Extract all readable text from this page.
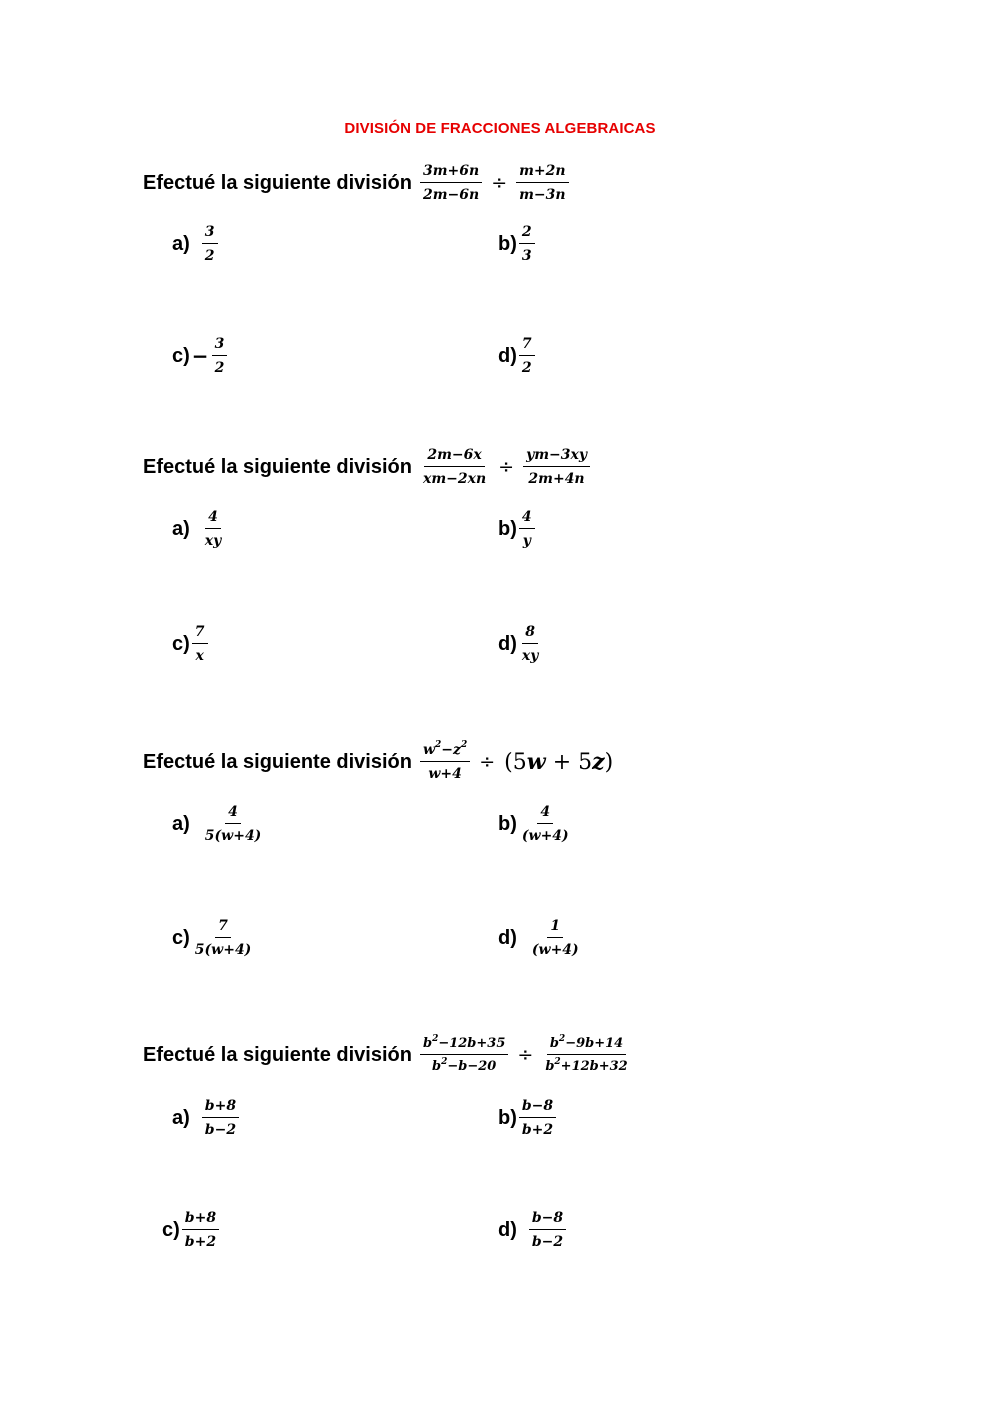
DIVISIÓN DE FRACCIONES ALGEBRAICAS
Efectué la siguiente división $\frac{3m+6n}{2m-6n} \div \frac{m+2n}{m-3n}$
$a) \frac{3}{2}$	$b) \frac{2}{3}$
$c) - \frac{3}{2}$	$d) \frac{7}{2}$
Efectué la siguiente división $\frac{2m-6x}{xm-2xn} \div \frac{ym-3xy}{2m+4n}$
$a) \frac{4}{xy}$	$b) \frac{4}{y}$
$c) \frac{7}{x}$	$d) \frac{8}{xy}$
Efectué la siguiente división $\frac{w^2-z^2}{w+4} \div (5w + 5z)$
$a) \frac{4}{5(w+4)}$	$b) \frac{4}{(w+4)}$
$c) \frac{7}{5(w+4)}$	$d) \frac{1}{(w+4)}$
Efectué la siguiente división $\frac{b^2-12b+35}{b^2-b-20} \div \frac{b^2-9b+14}{b^2+12b+32}$
$a) \frac{b+8}{b-2}$	$b) \frac{b-8}{b+2}$
$c) \frac{b+8}{b+2}$	$d) \frac{b-8}{b-2}$
